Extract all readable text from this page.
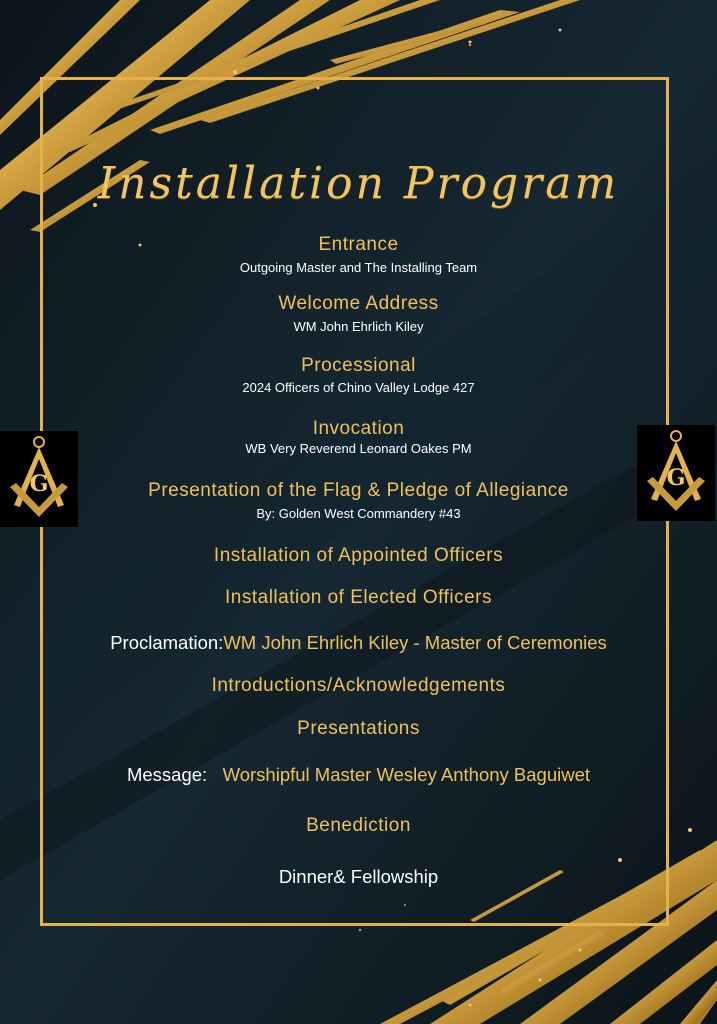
Installation Program
Entrance
Outgoing Master and The Installing Team
Welcome Address
WM John Ehrlich Kiley
Processional
2024 Officers of Chino Valley Lodge 427
Invocation
WB Very Reverend Leonard Oakes PM
Presentation of the Flag & Pledge of Allegiance
By: Golden West Commandery #43
Installation of Appointed Officers
Installation of Elected Officers
Proclamation:WM John Ehrlich Kiley - Master of Ceremonies
Introductions/Acknowledgements
Presentations
Message: Worshipful Master Wesley Anthony Baguiwet
Benediction
Dinner& Fellowship
G	G
